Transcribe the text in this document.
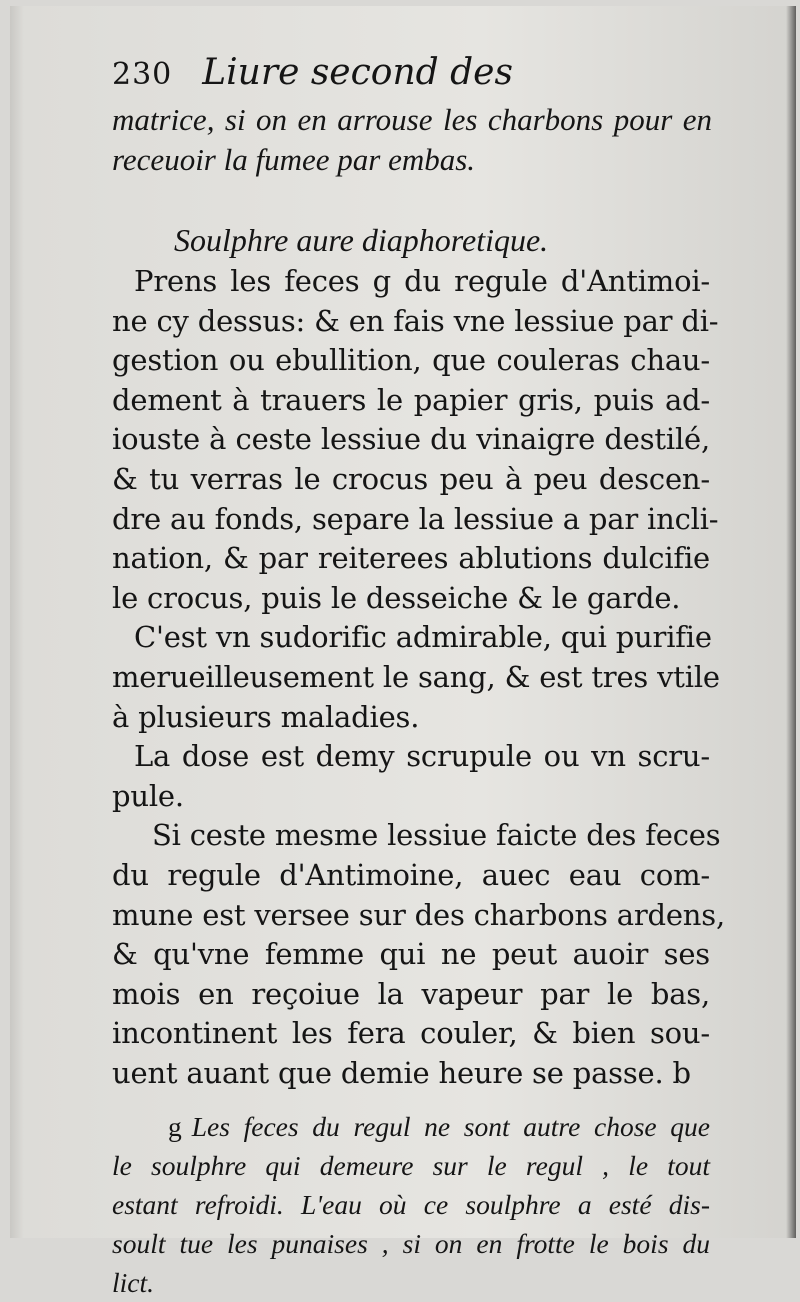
230 Liure second des
matrice, si on en arrouse les charbons pour en
receuoir la fumee par embas.
Soulphre aure diaphoretique.
Prens les feces g du regule d'Antimoi-
ne cy dessus: & en fais vne lessiue par di-
gestion ou ebullition, que couleras chau-
dement à trauers le papier gris, puis ad-
iouste à ceste lessiue du vinaigre destilé,
& tu verras le crocus peu à peu descen-
dre au fonds, separe la lessiue a par incli-
nation, & par reiterees ablutions dulcifie
le crocus, puis le desseiche & le garde.
C'est vn sudorific admirable, qui purifie
merueilleusement le sang, & est tres vtile
à plusieurs maladies.
La dose est demy scrupule ou vn scru-
pule.
Si ceste mesme lessiue faicte des feces
du regule d'Antimoine, auec eau com-
mune est versee sur des charbons ardens,
& qu'vne femme qui ne peut auoir ses
mois en reçoiue la vapeur par le bas,
incontinent les fera couler, & bien sou-
uent auant que demie heure se passe. b
g Les feces du regul ne sont autre chose que
le soulphre qui demeure sur le regul , le tout
estant refroidi. L'eau où ce soulphre a esté dis-
soult tue les punaises , si on en frotte le bois du
lict.
